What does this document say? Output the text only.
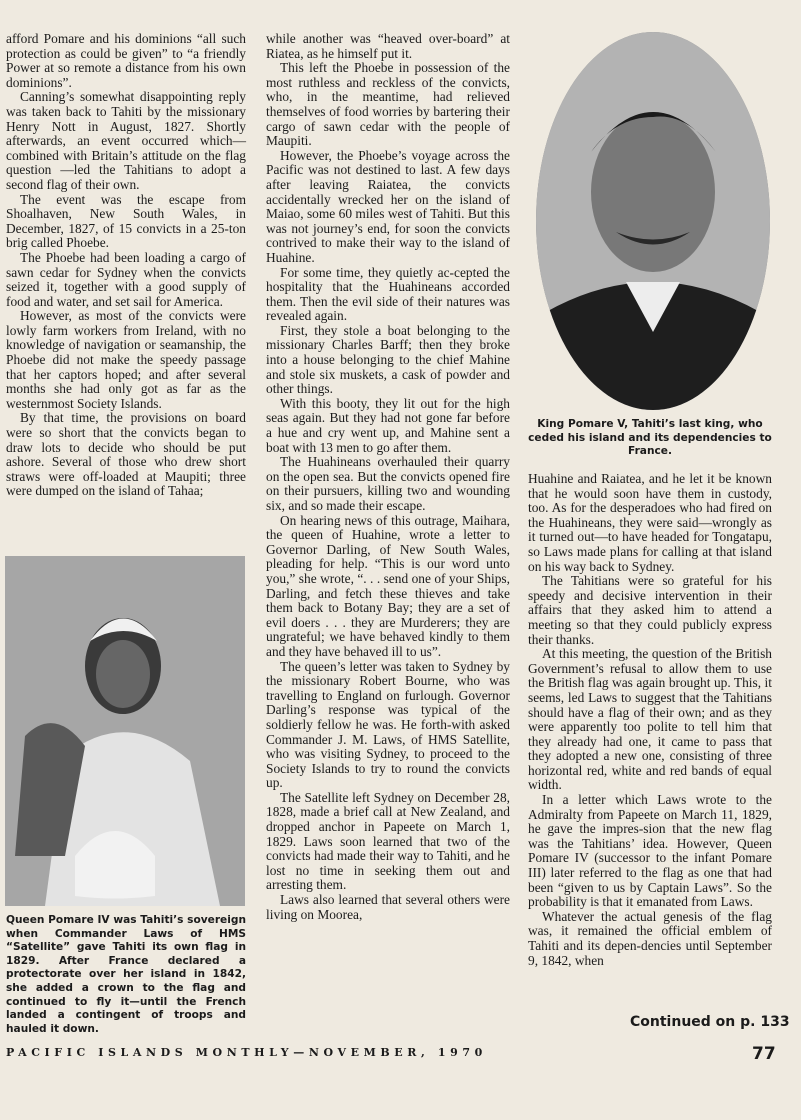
afford Pomare and his dominions “all such protection as could be given” to “a friendly Power at so remote a distance from his own dominions”.

Canning’s somewhat disappointing reply was taken back to Tahiti by the missionary Henry Nott in August, 1827. Shortly afterwards, an event occurred which—combined with Britain’s attitude on the flag question —led the Tahitians to adopt a second flag of their own.

The event was the escape from Shoalhaven, New South Wales, in December, 1827, of 15 convicts in a 25-ton brig called Phoebe.

The Phoebe had been loading a cargo of sawn cedar for Sydney when the convicts seized it, together with a good supply of food and water, and set sail for America.

However, as most of the convicts were lowly farm workers from Ireland, with no knowledge of navigation or seamanship, the Phoebe did not make the speedy passage that her captors hoped; and after several months she had only got as far as the westernmost Society Islands.

By that time, the provisions on board were so short that the convicts began to draw lots to decide who should be put ashore. Several of those who drew short straws were off-loaded at Maupiti; three were dumped on the island of Tahaa;

Queen Pomare IV was Tahiti’s sovereign when Commander Laws of HMS “Satellite” gave Tahiti its own flag in 1829. After France declared a protectorate over her island in 1842, she added a crown to the flag and continued to fly it—until the French landed a contingent of troops and hauled it down.

while another was “heaved over-board” at Riatea, as he himself put it.

This left the Phoebe in possession of the most ruthless and reckless of the convicts, who, in the meantime, had relieved themselves of food worries by bartering their cargo of sawn cedar with the people of Maupiti.

However, the Phoebe’s voyage across the Pacific was not destined to last. A few days after leaving Raiatea, the convicts accidentally wrecked her on the island of Maiao, some 60 miles west of Tahiti. But this was not journey’s end, for soon the convicts contrived to make their way to the island of Huahine.

For some time, they quietly ac-cepted the hospitality that the Huahineans accorded them. Then the evil side of their natures was revealed again.

First, they stole a boat belonging to the missionary Charles Barff; then they broke into a house belonging to the chief Mahine and stole six muskets, a cask of powder and other things.

With this booty, they lit out for the high seas again. But they had not gone far before a hue and cry went up, and Mahine sent a boat with 13 men to go after them.

The Huahineans overhauled their quarry on the open sea. But the convicts opened fire on their pursuers, killing two and wounding six, and so made their escape.

On hearing news of this outrage, Maihara, the queen of Huahine, wrote a letter to Governor Darling, of New South Wales, pleading for help. “This is our word unto you,” she wrote, “. . . send one of your Ships, Darling, and fetch these thieves and take them back to Botany Bay; they are a set of evil doers . . . they are Murderers; they are ungrateful; we have behaved kindly to them and they have behaved ill to us”.

The queen’s letter was taken to Sydney by the missionary Robert Bourne, who was travelling to England on furlough. Governor Darling’s response was typical of the soldierly fellow he was. He forth-with asked Commander J. M. Laws, of HMS Satellite, who was visiting Sydney, to proceed to the Society Islands to try to round the convicts up.

The Satellite left Sydney on December 28, 1828, made a brief call at New Zealand, and dropped anchor in Papeete on March 1, 1829. Laws soon learned that two of the convicts had made their way to Tahiti, and he lost no time in seeking them out and arresting them.

Laws also learned that several others were living on Moorea,

King Pomare V, Tahiti’s last king, who ceded his island and its dependencies to France.

Huahine and Raiatea, and he let it be known that he would soon have them in custody, too. As for the desperadoes who had fired on the Huahineans, they were said—wrongly as it turned out—to have headed for Tongatapu, so Laws made plans for calling at that island on his way back to Sydney.

The Tahitians were so grateful for his speedy and decisive intervention in their affairs that they asked him to attend a meeting so that they could publicly express their thanks.

At this meeting, the question of the British Government’s refusal to allow them to use the British flag was again brought up. This, it seems, led Laws to suggest that the Tahitians should have a flag of their own; and as they were apparently too polite to tell him that they already had one, it came to pass that they adopted a new one, consisting of three horizontal red, white and red bands of equal width.

In a letter which Laws wrote to the Admiralty from Papeete on March 11, 1829, he gave the impres-sion that the new flag was the Tahitians’ idea. However, Queen Pomare IV (successor to the infant Pomare III) later referred to the flag as one that had been “given to us by Captain Laws”. So the probability is that it emanated from Laws.

Whatever the actual genesis of the flag was, it remained the official emblem of Tahiti and its depen-dencies until September 9, 1842, when

Continued on p. 133
PACIFIC ISLANDS MONTHLY—NOVEMBER, 1970	77
